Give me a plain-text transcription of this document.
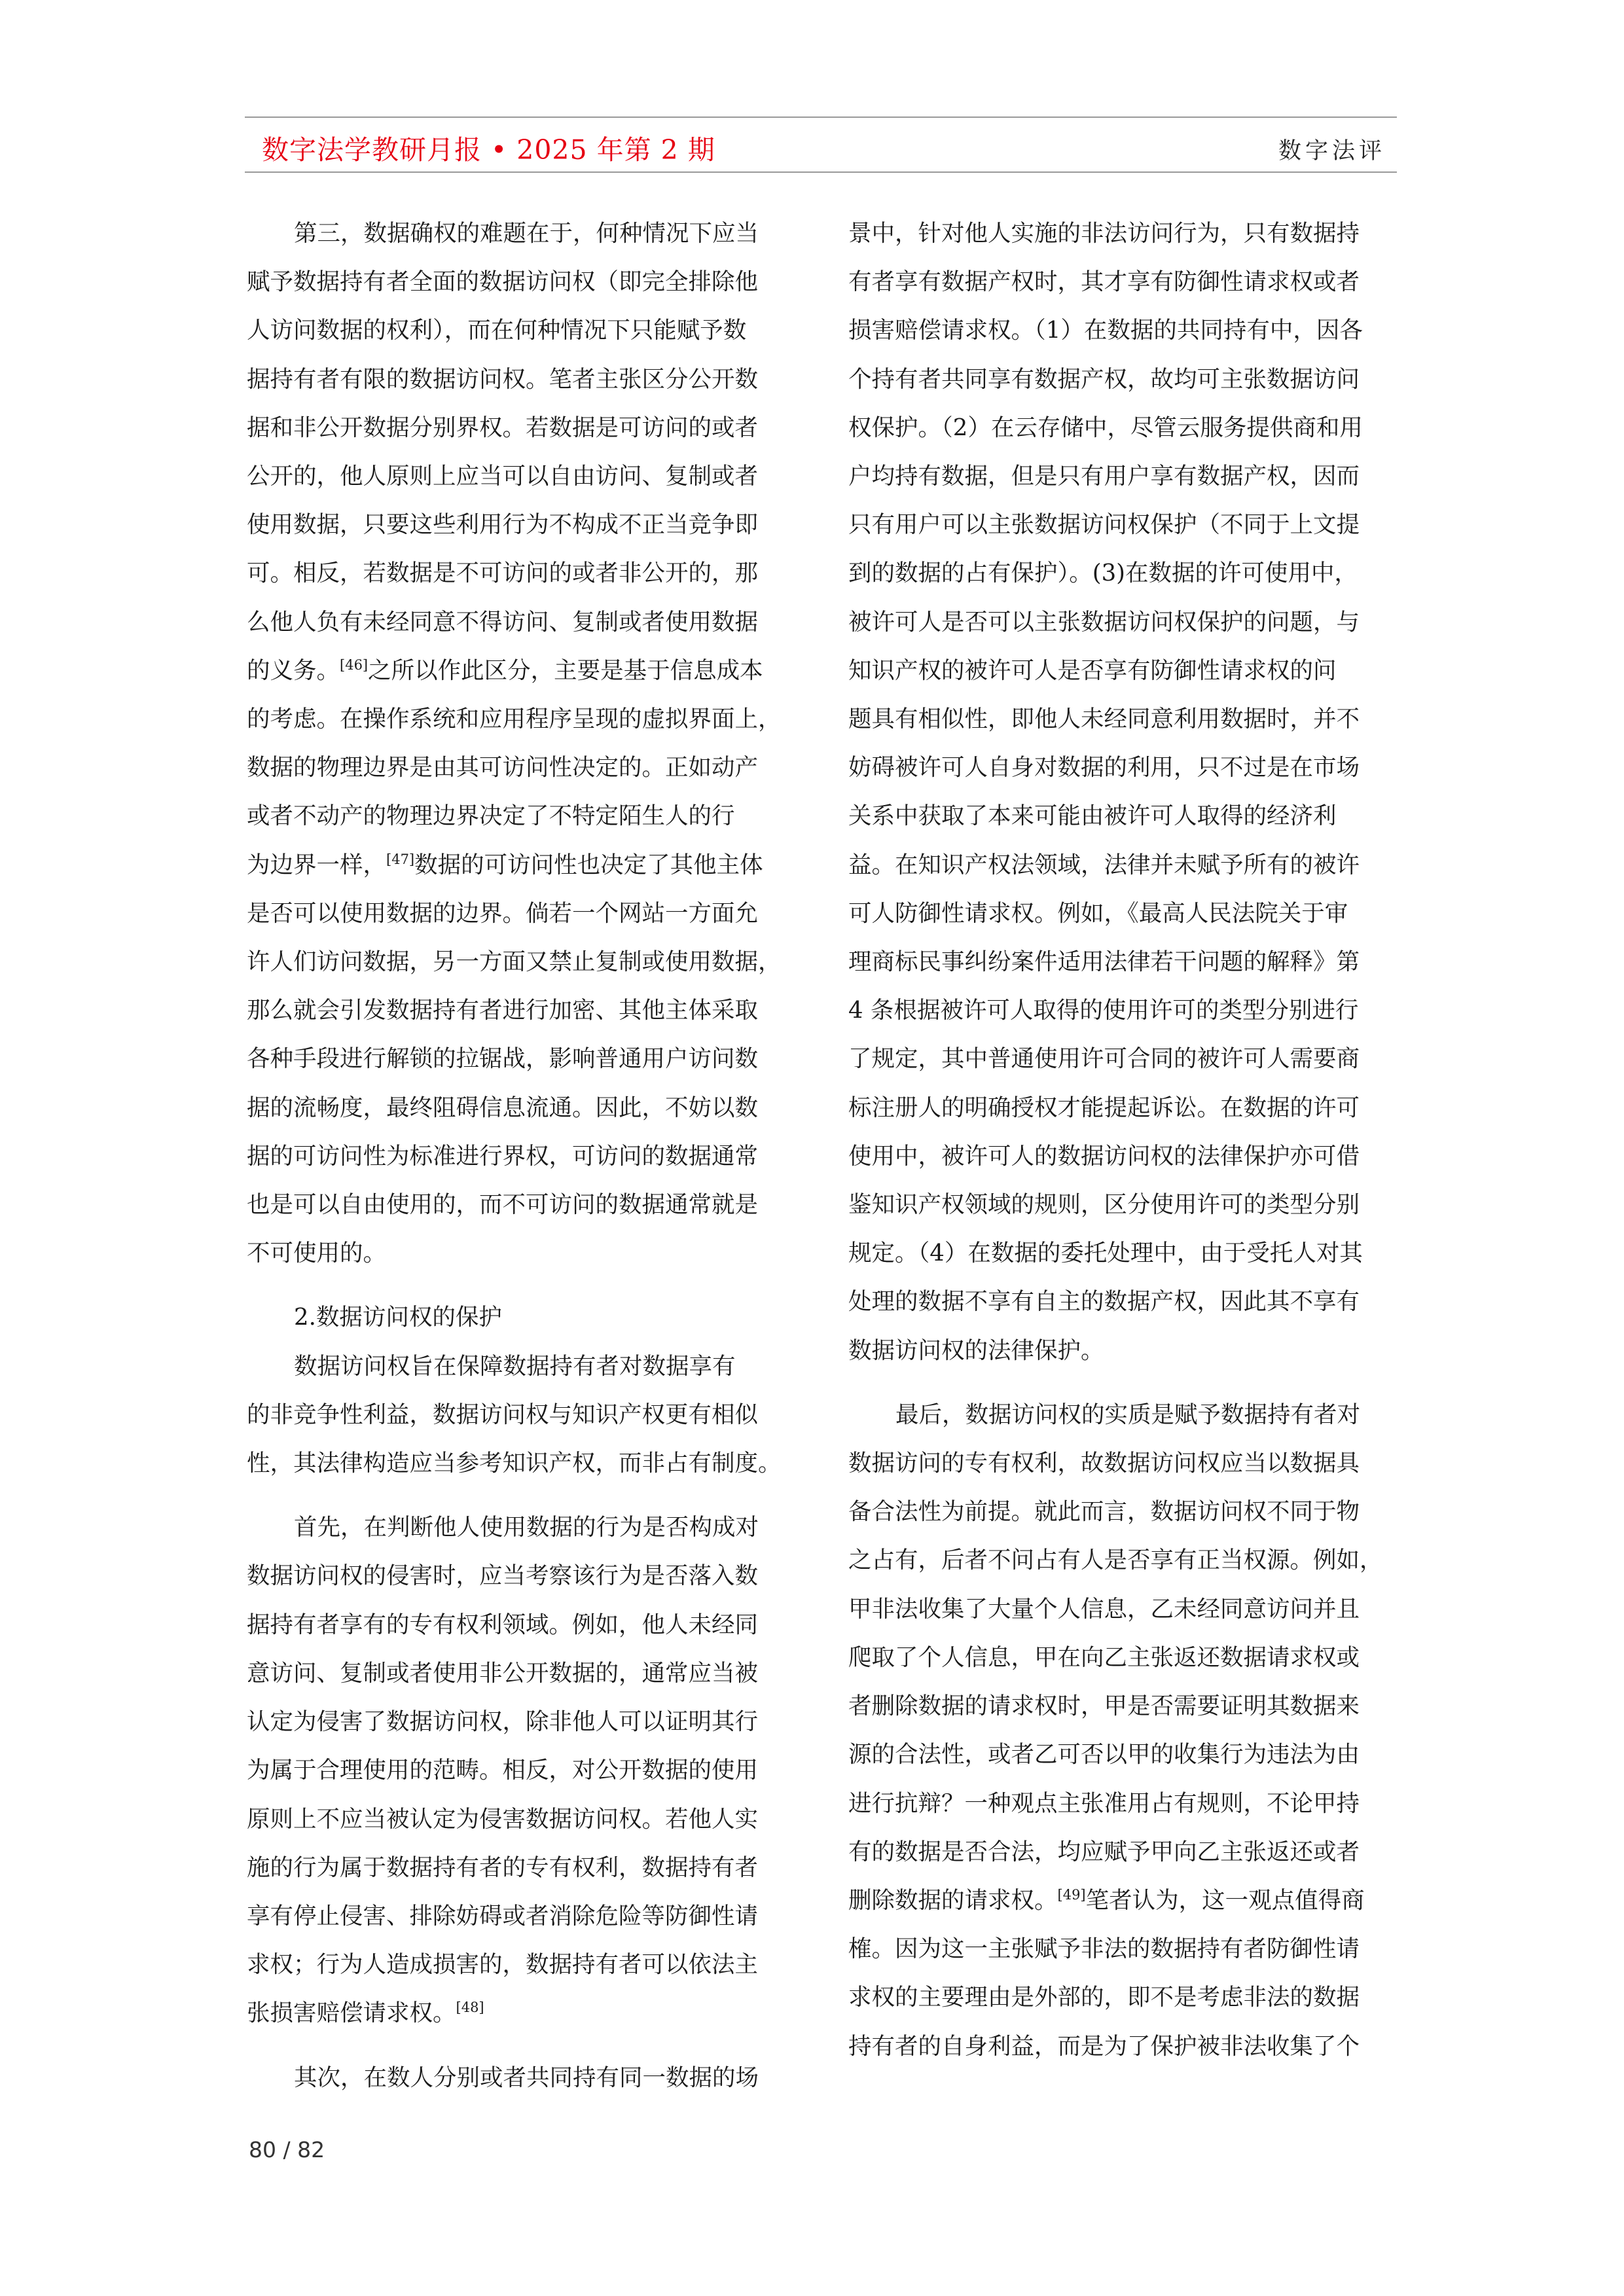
数字法学教研月报 • 2025 年第 2 期	数字法评

第三，数据确权的难题在于，何种情况下应当
赋予数据持有者全面的数据访问权（即完全排除他
人访问数据的权利），而在何种情况下只能赋予数
据持有者有限的数据访问权。笔者主张区分公开数
据和非公开数据分别界权。若数据是可访问的或者
公开的，他人原则上应当可以自由访问、复制或者
使用数据，只要这些利用行为不构成不正当竞争即
可。相反，若数据是不可访问的或者非公开的，那
么他人负有未经同意不得访问、复制或者使用数据
的义务。[46]之所以作此区分，主要是基于信息成本
的考虑。在操作系统和应用程序呈现的虚拟界面上，
数据的物理边界是由其可访问性决定的。正如动产
或者不动产的物理边界决定了不特定陌生人的行
为边界一样，[47]数据的可访问性也决定了其他主体
是否可以使用数据的边界。倘若一个网站一方面允
许人们访问数据，另一方面又禁止复制或使用数据，
那么就会引发数据持有者进行加密、其他主体采取
各种手段进行解锁的拉锯战，影响普通用户访问数
据的流畅度，最终阻碍信息流通。因此，不妨以数
据的可访问性为标准进行界权，可访问的数据通常
也是可以自由使用的，而不可访问的数据通常就是
不可使用的。

2.数据访问权的保护

数据访问权旨在保障数据持有者对数据享有
的非竞争性利益，数据访问权与知识产权更有相似
性，其法律构造应当参考知识产权，而非占有制度。

首先，在判断他人使用数据的行为是否构成对
数据访问权的侵害时，应当考察该行为是否落入数
据持有者享有的专有权利领域。例如，他人未经同
意访问、复制或者使用非公开数据的，通常应当被
认定为侵害了数据访问权，除非他人可以证明其行
为属于合理使用的范畴。相反，对公开数据的使用
原则上不应当被认定为侵害数据访问权。若他人实
施的行为属于数据持有者的专有权利，数据持有者
享有停止侵害、排除妨碍或者消除危险等防御性请
求权；行为人造成损害的，数据持有者可以依法主
张损害赔偿请求权。[48]

其次，在数人分别或者共同持有同一数据的场

景中，针对他人实施的非法访问行为，只有数据持
有者享有数据产权时，其才享有防御性请求权或者
损害赔偿请求权。（1）在数据的共同持有中，因各
个持有者共同享有数据产权，故均可主张数据访问
权保护。（2）在云存储中，尽管云服务提供商和用
户均持有数据，但是只有用户享有数据产权，因而
只有用户可以主张数据访问权保护（不同于上文提
到的数据的占有保护）。(3)在数据的许可使用中，
被许可人是否可以主张数据访问权保护的问题，与
知识产权的被许可人是否享有防御性请求权的问
题具有相似性，即他人未经同意利用数据时，并不
妨碍被许可人自身对数据的利用，只不过是在市场
关系中获取了本来可能由被许可人取得的经济利
益。在知识产权法领域，法律并未赋予所有的被许
可人防御性请求权。例如，《最高人民法院关于审
理商标民事纠纷案件适用法律若干问题的解释》第
4 条根据被许可人取得的使用许可的类型分别进行
了规定，其中普通使用许可合同的被许可人需要商
标注册人的明确授权才能提起诉讼。在数据的许可
使用中，被许可人的数据访问权的法律保护亦可借
鉴知识产权领域的规则，区分使用许可的类型分别
规定。（4）在数据的委托处理中，由于受托人对其
处理的数据不享有自主的数据产权，因此其不享有
数据访问权的法律保护。

最后，数据访问权的实质是赋予数据持有者对
数据访问的专有权利，故数据访问权应当以数据具
备合法性为前提。就此而言，数据访问权不同于物
之占有，后者不问占有人是否享有正当权源。例如，
甲非法收集了大量个人信息，乙未经同意访问并且
爬取了个人信息，甲在向乙主张返还数据请求权或
者删除数据的请求权时，甲是否需要证明其数据来
源的合法性，或者乙可否以甲的收集行为违法为由
进行抗辩？一种观点主张准用占有规则，不论甲持
有的数据是否合法，均应赋予甲向乙主张返还或者
删除数据的请求权。[49]笔者认为，这一观点值得商
榷。因为这一主张赋予非法的数据持有者防御性请
求权的主要理由是外部的，即不是考虑非法的数据
持有者的自身利益，而是为了保护被非法收集了个

80 / 82
